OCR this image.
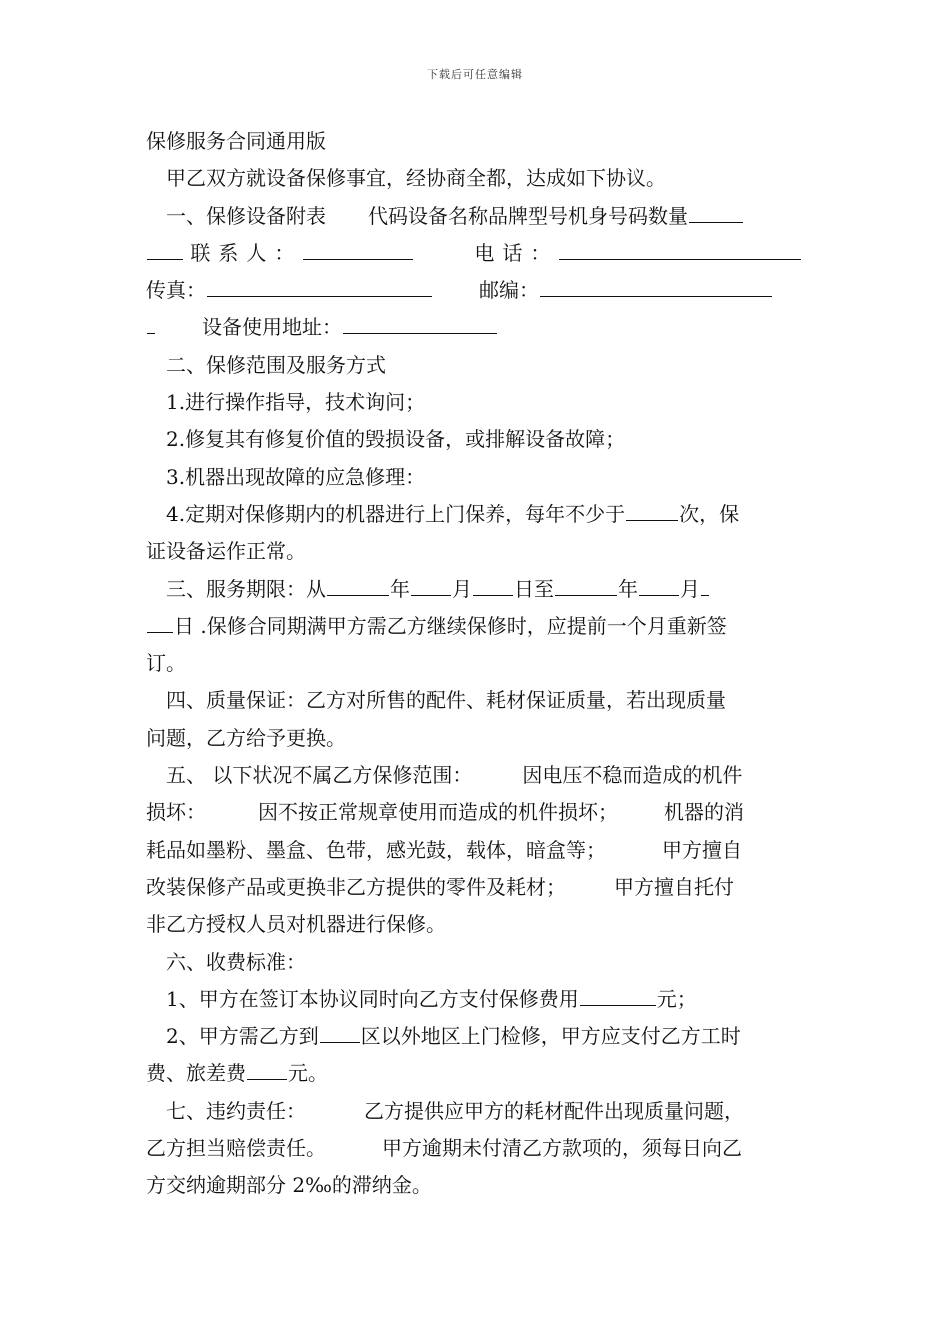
下载后可任意编辑
保修服务合同通用版
甲乙双方就设备保修事宜，经协商全都，达成如下协议。
一、保修设备附表 代码设备名称品牌型号机身号码数量
联系人：	电话：
传真：	邮编：
设备使用地址：
二、保修范围及服务方式
1.进行操作指导，技术询问；
2.修复其有修复价值的毁损设备，或排解设备故障；
3.机器出现故障的应急修理：
4.定期对保修期内的机器进行上门保养，每年不少于	次，保
证设备运作正常。
三、服务期限：从	年 月 日至	年 月
日 .保修合同期满甲方需乙方继续保修时，应提前一个月重新签
订。
四、质量保证：乙方对所售的配件、耗材保证质量，若出现质量
问题，乙方给予更换。
五、 以下状况不属乙方保修范围：	因电压不稳而造成的机件
损坏：	因不按正常规章使用而造成的机件损坏； 机器的消
耗品如墨粉、墨盒、色带，感光鼓，载体，暗盒等；	甲方擅自
改装保修产品或更换非乙方提供的零件及耗材； 甲方擅自托付
非乙方授权人员对机器进行保修。
六、收费标准：
1、甲方在签订本协议同时向乙方支付保修费用	元；
2、甲方需乙方到 区以外地区上门检修，甲方应支付乙方工时
费、旅差费 元。
七、违约责任：	乙方提供应甲方的耗材配件出现质量问题，
乙方担当赔偿责任。	甲方逾期未付清乙方款项的，须每日向乙
方交纳逾期部分 2‰的滞纳金。
